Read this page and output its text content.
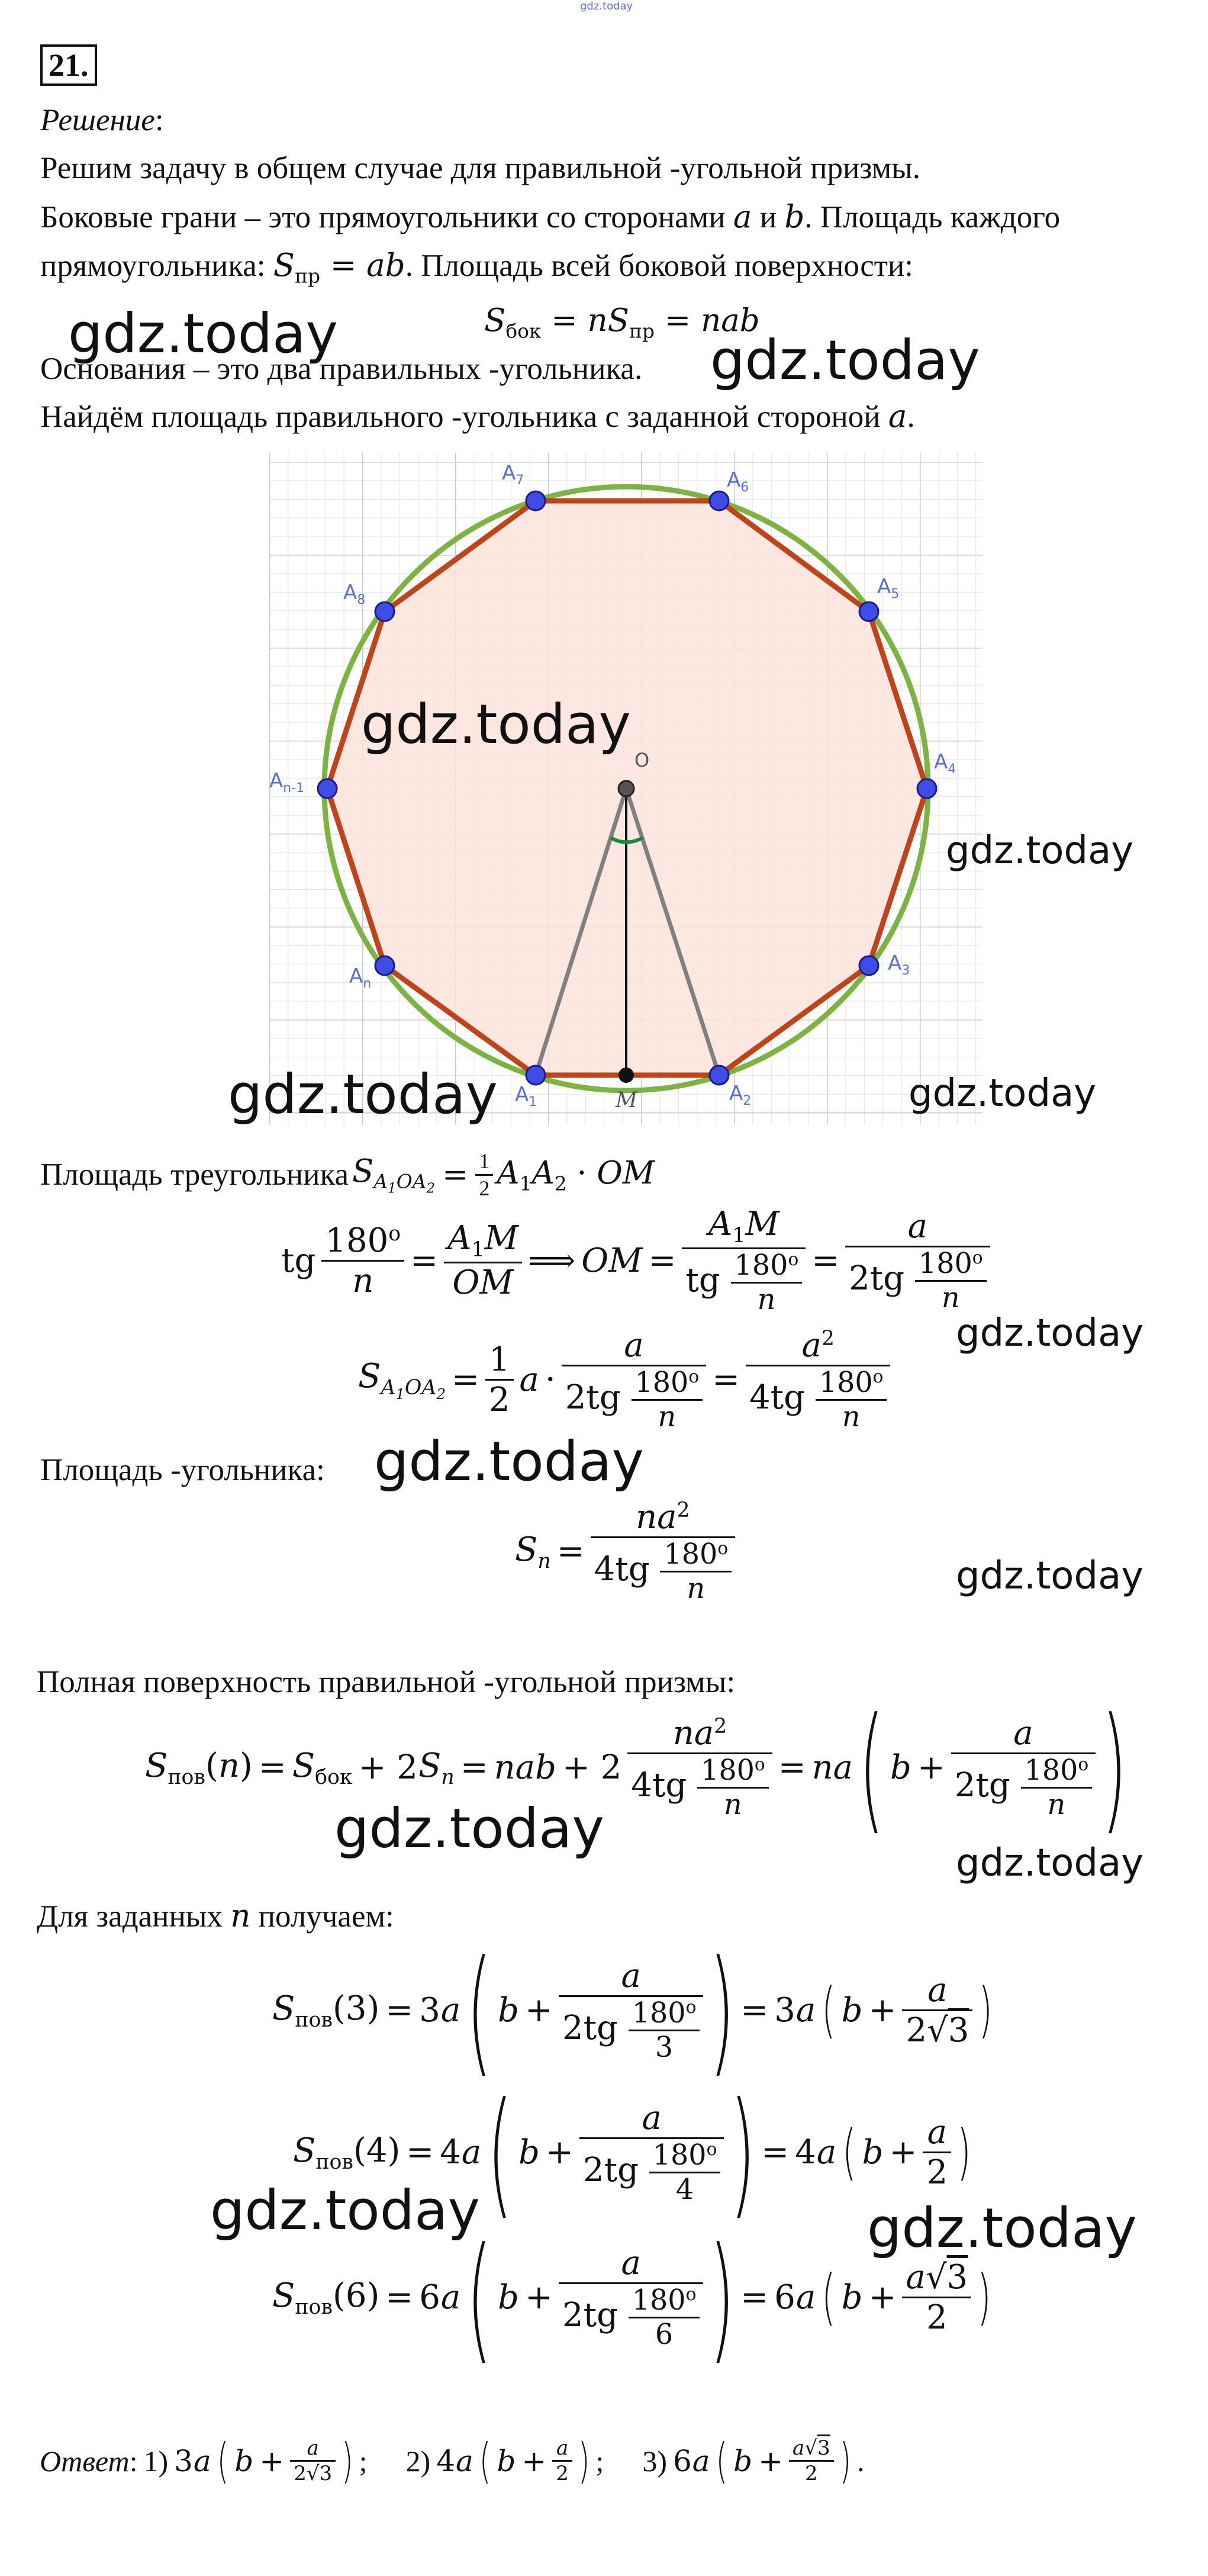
gdz.today
21.
Решение:
Решим задачу в общем случае для правильной -угольной призмы.
Боковые грани – это прямоугольники со сторонами a и b. Площадь каждого
прямоугольника: $S_{пр}$ = ab. Площадь всей боковой поверхности:
$S_{бок} = nS_{пр}$ = nab
Основания – это два правильных -угольника.
Найдём площадь правильного -угольника с заданной стороной a.
$A_1$	$A_2$
$A_3$
$A_4$
$A_5$
$A_6$
$A_7$
$A_8$
$A_{n-1}$
$A_n$
O
M
Площадь треугольника $S_{A_1OA_2} = \frac{1}{2} A_1A_2$ · OM
tg $\frac{180^o}{n} = \frac{A_1M}{OM}$ ⟹ OM = $\frac{A_1M}{tg \frac{180^o}{n}} = \frac{a}{2tg \frac{180^o}{n}}$
$S_{A_1OA_2} = \frac{1}{2}$ $a \cdot \frac{a}{2tg \frac{180^o}{n}} = \frac{a^2}{4tg \frac{180^o}{n}}$
Площадь -угольника:
$S_n = \frac{na^2}{4tg \frac{180^o}{n}}$
Полная поверхность правильной -угольной призмы:
$S_{пов}(n) = S_{бок} + 2$ $S_n$ = nab + $2 \frac{na^2}{4tg \frac{180^o}{n}}$ = na ( $b + \frac{a}{2tg \frac{180^o}{n}}$ )
Для заданных n получаем:
$S_{пов}(3) = 3$ a ( $b + \frac{a}{2tg \frac{180^o}{3}}$ ) = 3 a ( $b + \frac{a}{2√3}$ )
$S_{пов}(4) = 4$ a ( $b + \frac{a}{2tg \frac{180^o}{4}}$ ) = 4 a ( $b + \frac{a}{2}$ )
$S_{пов}(6) = 6$ a ( $b + \frac{a}{2tg \frac{180^o}{6}}$ ) = 6 a ( $b + \frac{a√3}{2}$ )
Ответ: 1) 3 a ( $b + \frac{a}{2√3}$ ) ; 2) 4 a ( $b + \frac{a}{2}$ ) ; 3) 6 a ( $b + \frac{a√3}{2}$ ) .
gdz.today	gdz.today
gdz.today
gdz.today
gdz.today	gdz.today
gdz.today
gdz.today
gdz.today
gdz.today
gdz.today
gdz.today	gdz.today
